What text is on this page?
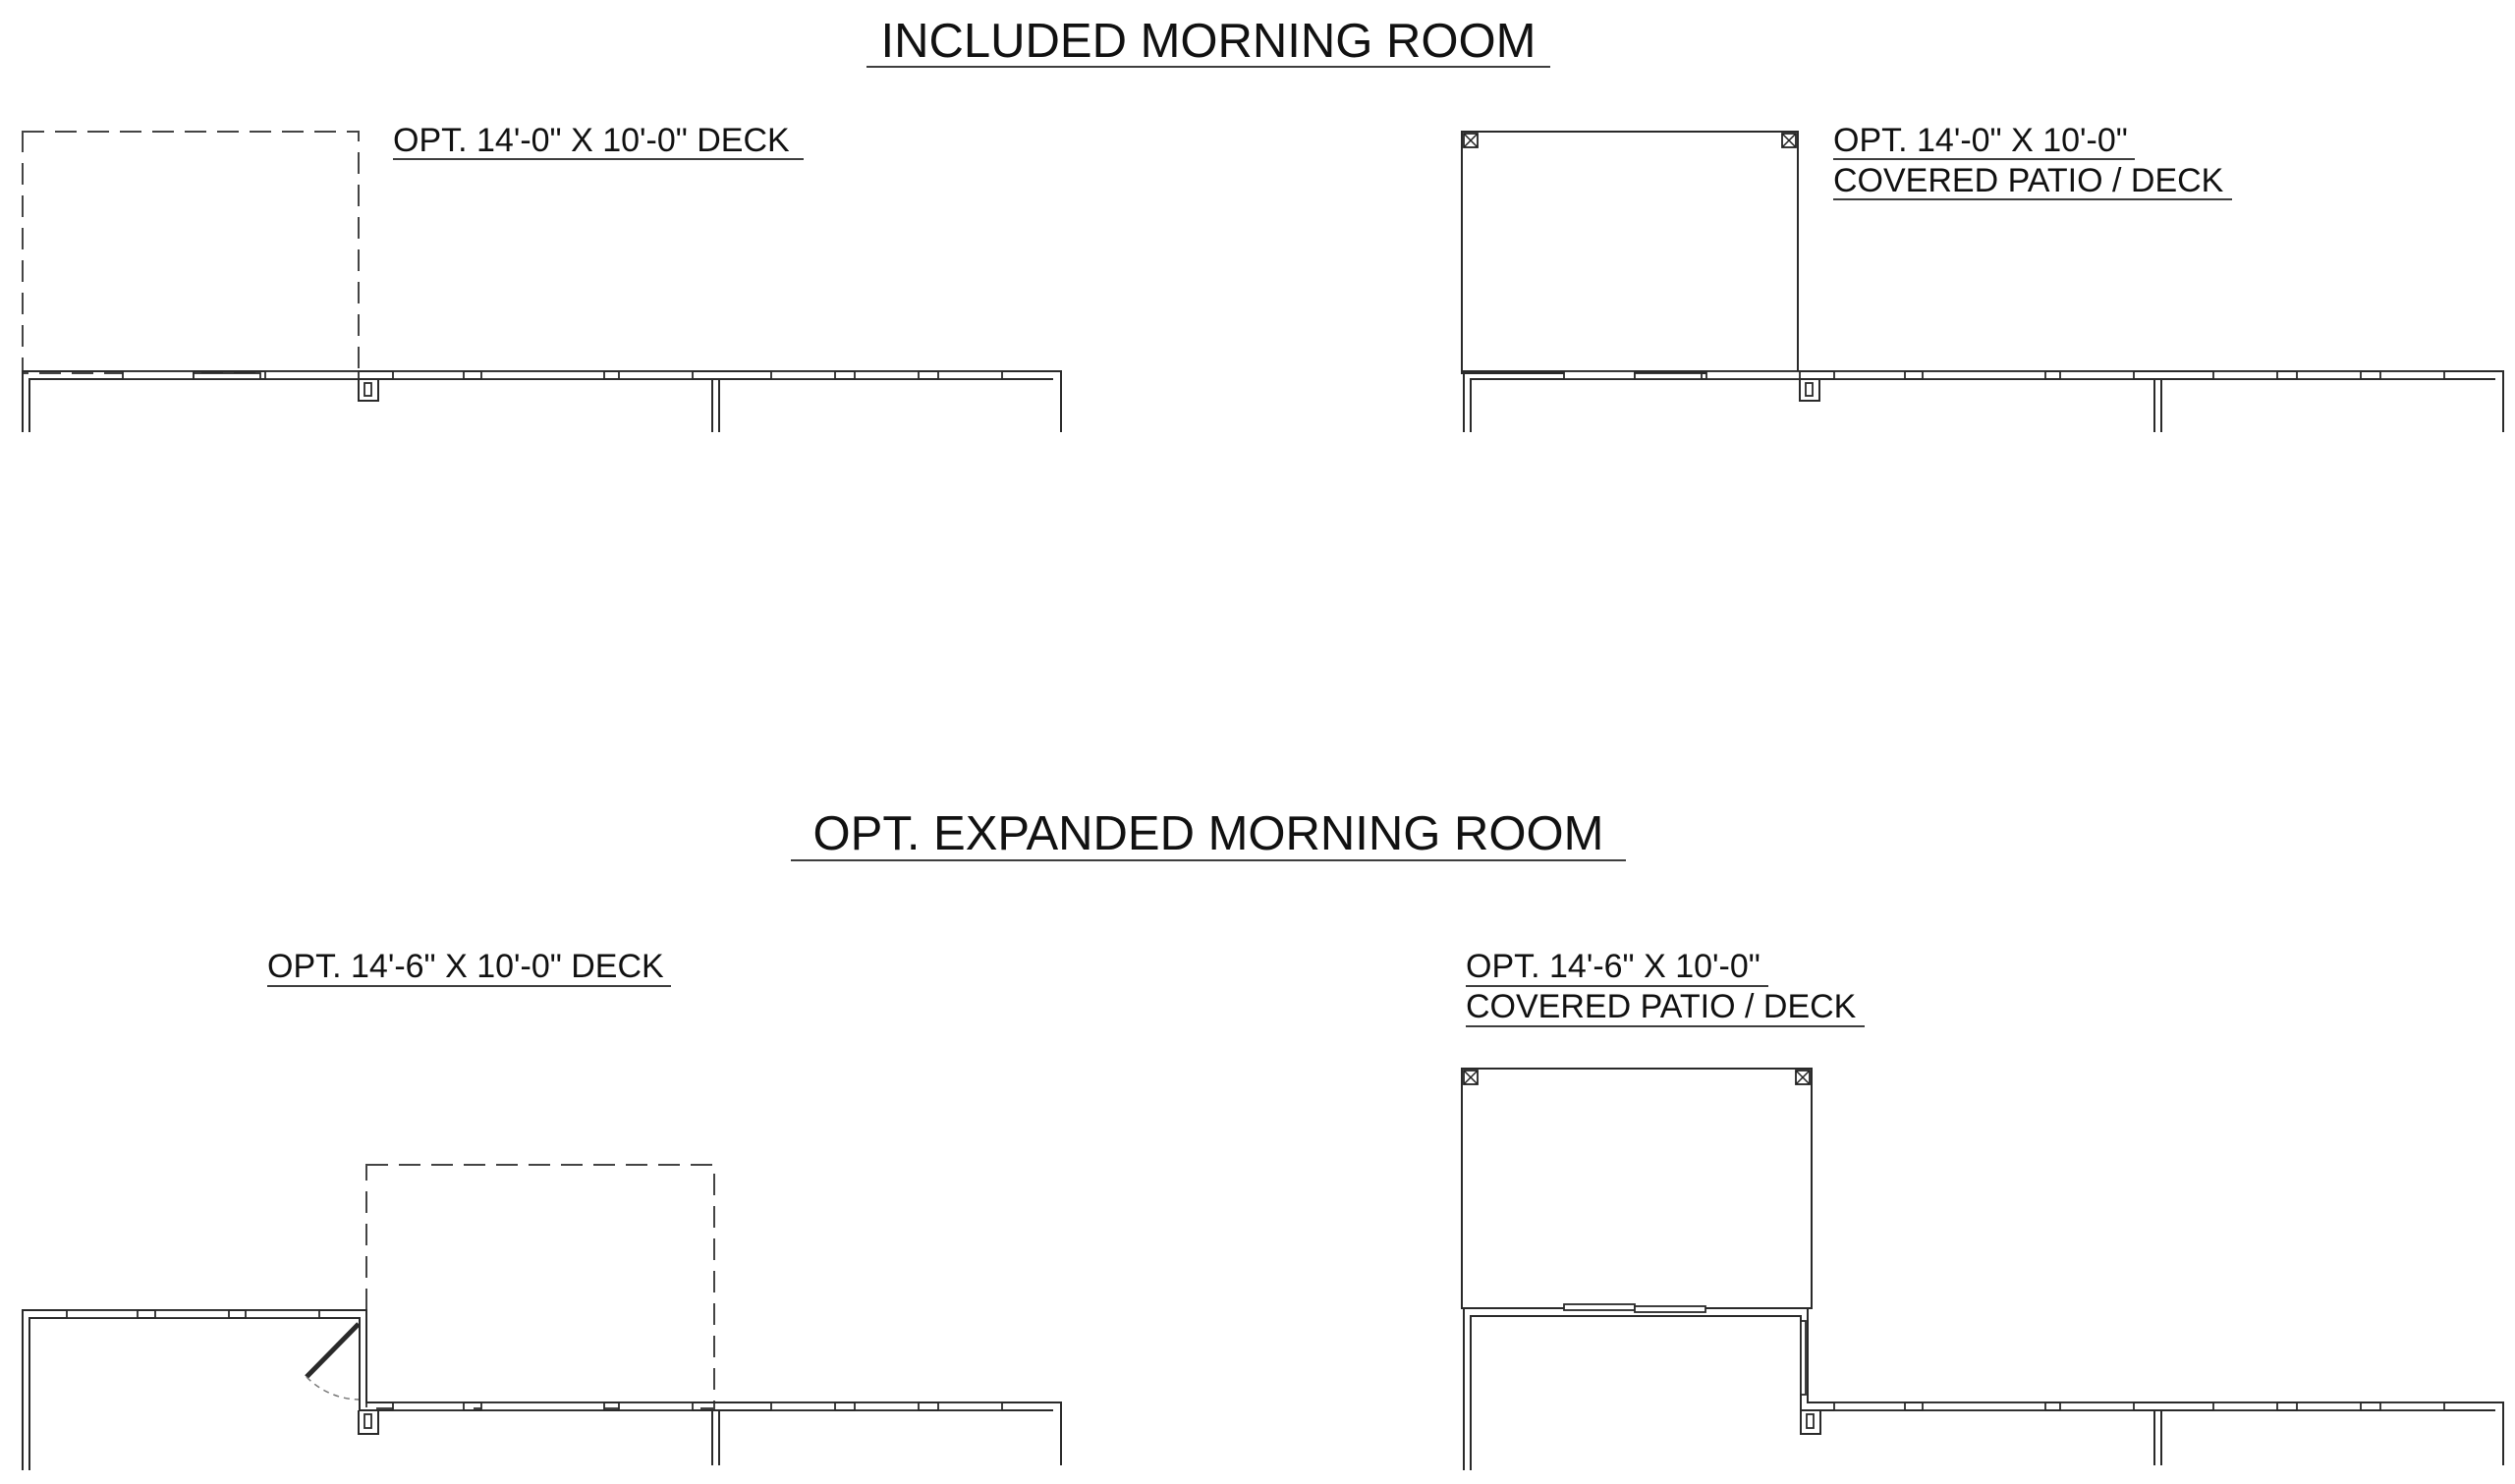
INCLUDED MORNING ROOM
OPT. EXPANDED MORNING ROOM
OPT. 14'-0" X 10'-0" DECK	OPT. 14'-0" X 10'-0"
COVERED PATIO / DECK
OPT. 14'-6" X 10'-0" DECK	OPT. 14'-6" X 10'-0"
COVERED PATIO / DECK
